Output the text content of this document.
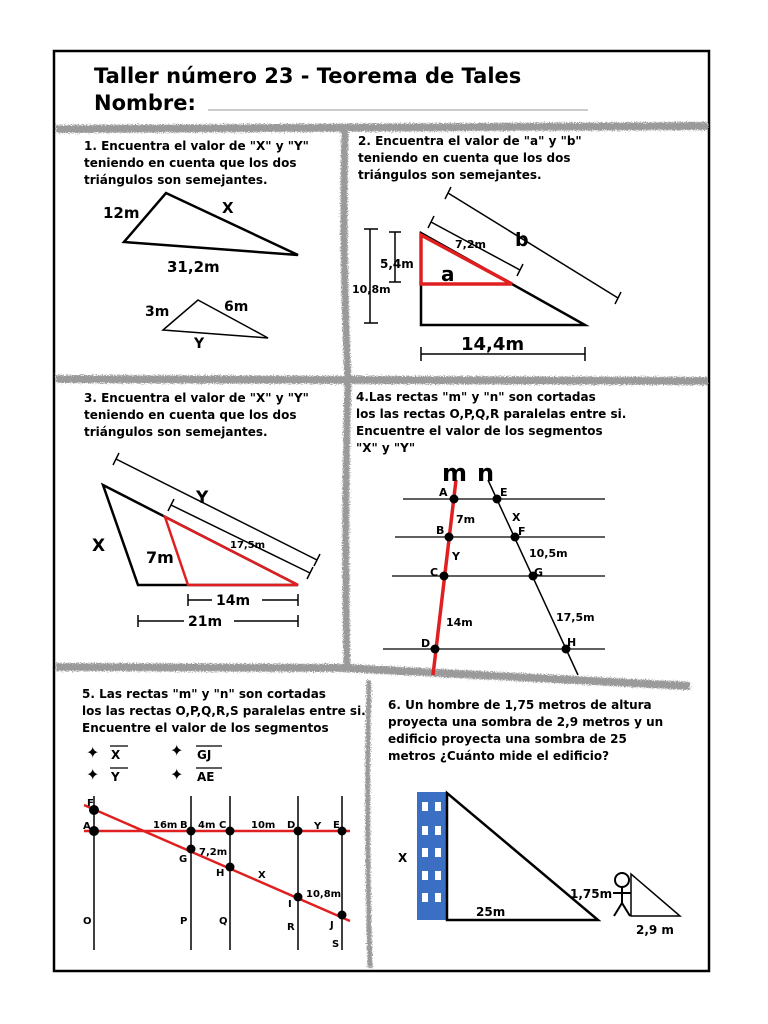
12m	X
31,2m
3m	6m
Y
5,4m
10,8m
7,2m
a
b
14,4m
X
Y
7m
17,5m
14m
21m
m n
A
B
C
D
E
F
G
H
7m	X
Y	10,5m
14m	17,5m
✦ X
✦ Y
✦ GJ
✦ AE
F
A	B	C	D	E
G
H
I
J
O	P	Q
R
S
16m 4m	10m	Y
7,2m
X
10,8m
X
25m
1,75m
2,9 m
Taller número 23 - Teorema de Tales
Nombre:
1. Encuentra el valor de "X" y "Y"
teniendo en cuenta que los dos
triángulos son semejantes.
2. Encuentra el valor de "a" y "b"
teniendo en cuenta que los dos
triángulos son semejantes.
3. Encuentra el valor de "X" y "Y"
teniendo en cuenta que los dos
triángulos son semejantes.
4.Las rectas "m" y "n" son cortadas
los las rectas O,P,Q,R paralelas entre si.
Encuentre el valor de los segmentos
"X" y "Y"
5. Las rectas "m" y "n" son cortadas
los las rectas O,P,Q,R,S paralelas entre si.
Encuentre el valor de los segmentos
6. Un hombre de 1,75 metros de altura
proyecta una sombra de 2,9 metros y un
edificio proyecta una sombra de 25
metros ¿Cuánto mide el edificio?
